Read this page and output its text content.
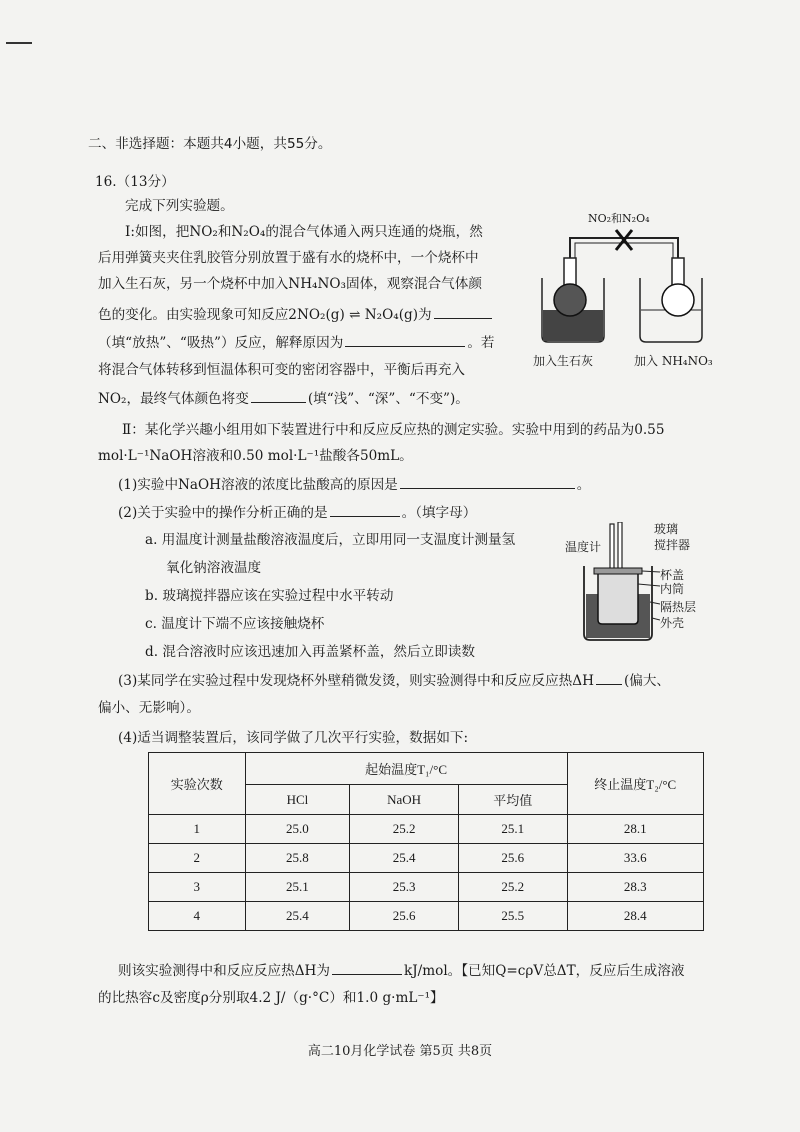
二、非选择题：本题共4小题，共55分。
16.（13分）
完成下列实验题。
Ⅰ:如图，把NO₂和N₂O₄的混合气体通入两只连通的烧瓶，然
后用弹簧夹夹住乳胶管分别放置于盛有水的烧杯中，一个烧杯中
加入生石灰，另一个烧杯中加入NH₄NO₃固体，观察混合气体颜
色的变化。由实验现象可知反应2NO₂(g) ⇌ N₂O₄(g)为
（填“放热”、“吸热”）反应，解释原因为	。若
将混合气体转移到恒温体积可变的密闭容器中，平衡后再充入
NO₂，最终气体颜色将变	(填“浅”、“深”、“不变”)。
NO₂和N₂O₄
加入生石灰	加入 NH₄NO₃
Ⅱ：某化学兴趣小组用如下装置进行中和反应反应热的测定实验。实验中用到的药品为0.55
mol·L⁻¹NaOH溶液和0.50 mol·L⁻¹盐酸各50mL。
(1)实验中NaOH溶液的浓度比盐酸高的原因是	。
(2)关于实验中的操作分析正确的是	。（填字母）
a. 用温度计测量盐酸溶液温度后，立即用同一支温度计测量氢
氧化钠溶液温度
b. 玻璃搅拌器应该在实验过程中水平转动
c. 温度计下端不应该接触烧杯
d. 混合溶液时应该迅速加入再盖紧杯盖，然后立即读数
温度计
玻璃
搅拌器
杯盖
内筒
隔热层
外壳
(3)某同学在实验过程中发现烧杯外壁稍微发烫，则实验测得中和反应反应热ΔH (偏大、
偏小、无影响）。
(4)适当调整装置后，该同学做了几次平行实验，数据如下:
实验次数	起始温度T₁/°C			终止温度T₂/°C
	HCl	NaOH	平均值	
1	25.0	25.2	25.1	28.1
2	25.8	25.4	25.6	33.6
3	25.1	25.3	25.2	28.3
4	25.4	25.6	25.5	28.4
则该实验测得中和反应反应热ΔH为	kJ/mol。【已知Q=cρV总ΔT，反应后生成溶液
的比热容c及密度ρ分别取4.2 J/（g·°C）和1.0 g·mL⁻¹】
高二10月化学试卷 第5页 共8页
